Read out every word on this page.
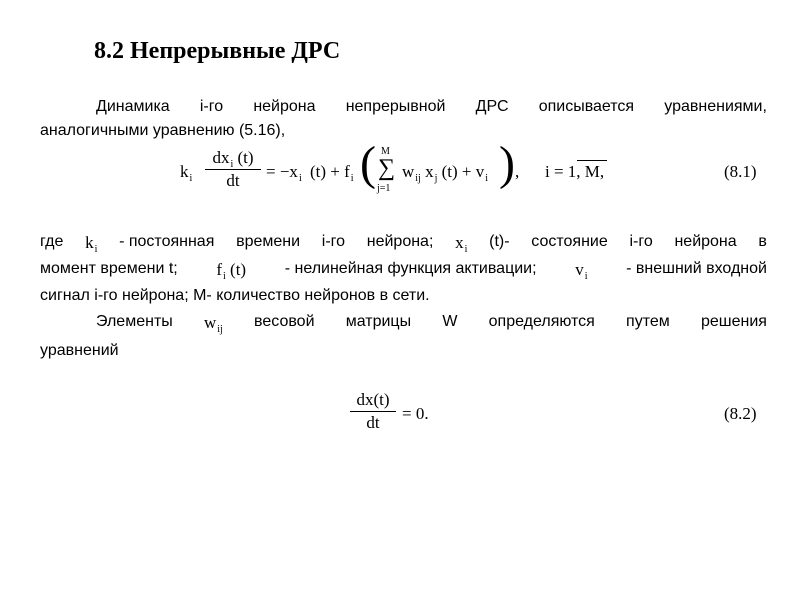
8.2 Непрерывные ДРС
Динамика i-го нейрона непрерывной ДРС описывается уравнениями,
аналогичными уравнению (5.16),
$k_i$
$dx_i$ (t)
dt	= $-x_i$ $(t) + f_i$ ( M
∑
j=1
$w_{ij}$ $x_j$ $(t) + v_i$ ) , i = 1, M,	(8.1)
где $k_i$ - постоянная времени i-го нейрона; $x_i$ (t)- состояние i-го нейрона в
момент времени t; $f_i$ (t) - нелинейная функция активации; $v_i$ - внешний входной
сигнал i-го нейрона; M- количество нейронов в сети.
Элементы $w_{ij}$ весовой матрицы W определяются путем решения
уравнений
dx(t)
dt	= 0.	(8.2)
